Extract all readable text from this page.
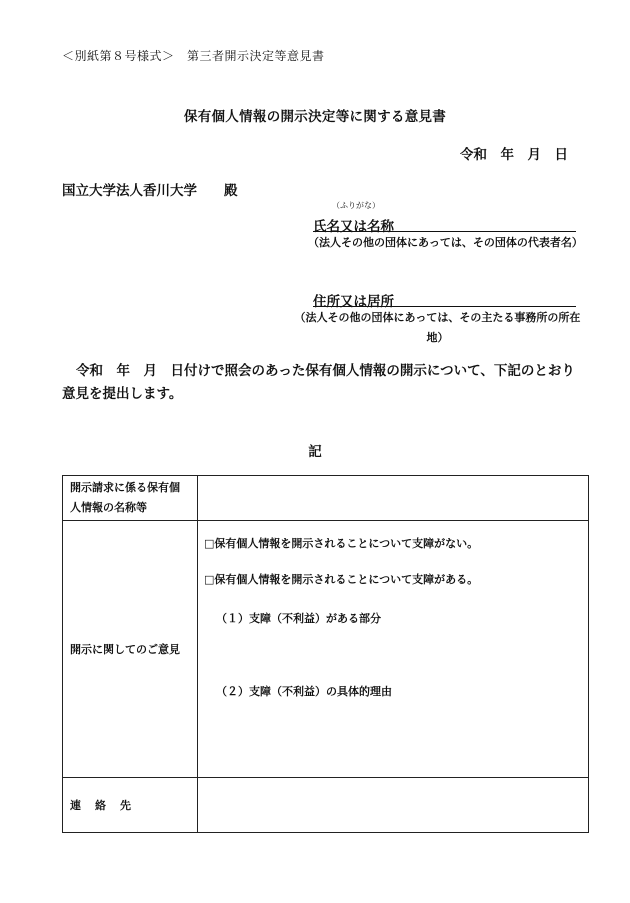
＜別紙第８号様式＞　第三者開示決定等意見書
保有個人情報の開示決定等に関する意見書
令和　年　月　日
国立大学法人香川大学　　殿
（ふりがな）
氏名又は名称
（法人その他の団体にあっては、その団体の代表者名）
住所又は居所
（法人その他の団体にあっては、その主たる事務所の所在地）
令和　年　月　日付けで照会のあった保有個人情報の開示について、下記のとおり意見を提出します。
記
開示請求に係る保有個人情報の名称等	
開示に関してのご意見	□保有個人情報を開示されることについて支障がない。
□保有個人情報を開示されることについて支障がある。
（１）支障（不利益）がある部分
（２）支障（不利益）の具体的理由

連絡先	
